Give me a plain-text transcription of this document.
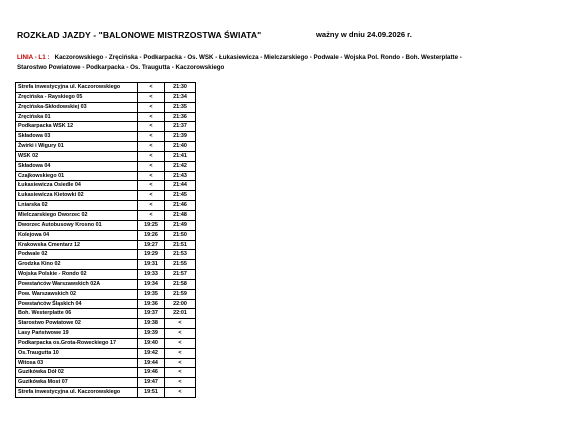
ROZKŁAD JAZDY - "BALONOWE MISTRZOSTWA ŚWIATA"	ważny w dniu 24.09.2026 r.
LINIA - L1 : Kaczorowskiego - Zręcińska - Podkarpacka - Os. WSK - Łukasiewicza - Mielczarskiego - Podwale - Wojska Pol. Rondo - Boh. Westerplatte - Starostwo Powiatowe - Podkarpacka - Os. Traugutta - Kaczorowskiego
Strefa inwestycyjna ul. Kaczorowskiego	<	21:30
Zręcińska - Rayskiego 05	<	21:34
Zręcińska-Skłodowskiej 03	<	21:35
Zręcińska 01	<	21:36
Podkarpacka WSK 12	<	21:37
Składowa 03	<	21:39
Żwirki i Wigury 01	<	21:40
WSK 02	<	21:41
Składowa 04	<	21:42
Czajkowskiego 01	<	21:43
Łukasiewicza Osiedle 04	<	21:44
Łukasiewicza Kietowki 02	<	21:45
Lniarska 02	<	21:46
Mielczarskiego Dworzec 02	<	21:48
Dworzec Autobusowy Krosno 01	19:25	21:49
Kolejowa 04	19:26	21:50
Krakowska Cmentarz 12	19:27	21:51
Podwale 02	19:29	21:53
Grodzka Kino 02	19:31	21:55
Wojska Polskie - Rondo 02	19:33	21:57
Powstańców Warszawskich 02A	19:34	21:58
Pow. Warszawskich 02	19:35	21:59
Powstańców Śląskich 04	19:36	22:00
Boh. Westerplatte 06	19:37	22:01
Starostwo Powiatowe 02	19:38	<
Lasy Państwowe 19	19:39	<
Podkarpacka os.Grota-Roweckiego 17	19:40	<
Os.Traugutta 10	19:42	<
Witosa 03	19:44	<
Guzikówka Dół 02	19:46	<
Guzikówka Most 07	19:47	<
Strefa inwestycyjna ul. Kaczorowskiego	19:51	<
